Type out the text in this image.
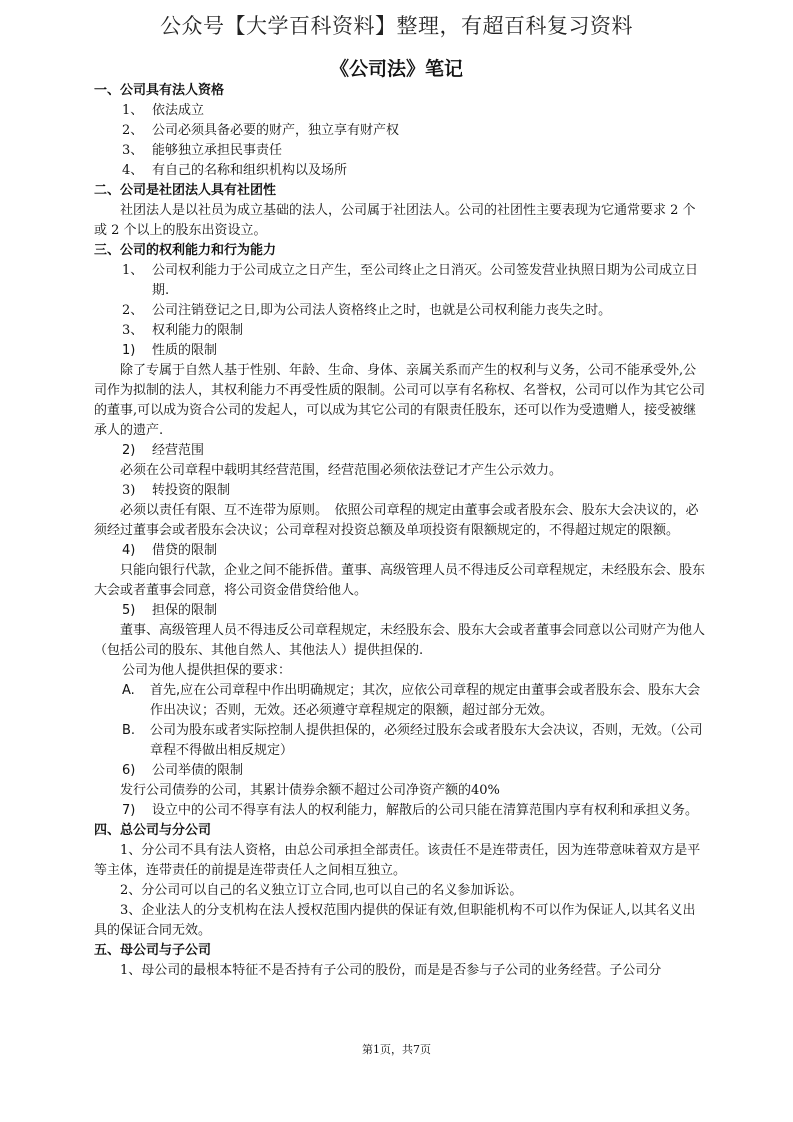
公众号【大学百科资料】整理，有超百科复习资料
《公司法》笔记
一、公司具有法人资格
1、 依法成立
2、 公司必须具备必要的财产，独立享有财产权
3、 能够独立承担民事责任
4、 有自己的名称和组织机构以及场所
二、公司是社团法人具有社团性

社团法人是以社员为成立基础的法人，公司属于社团法人。公司的社团性主要表现为它通常要求 2 个或 2 个以上的股东出资设立。

三、公司的权利能力和行为能力
1、 公司权利能力于公司成立之日产生，至公司终止之日消灭。公司签发营业执照日期为公司成立日期.
2、 公司注销登记之日,即为公司法人资格终止之时，也就是公司权利能力丧失之时。
3、 权利能力的限制
1)	性质的限制

除了专属于自然人基于性别、年龄、生命、身体、亲属关系而产生的权利与义务，公司不能承受外,公司作为拟制的法人，其权利能力不再受性质的限制。公司可以享有名称权、名誉权，公司可以作为其它公司的董事,可以成为资合公司的发起人，可以成为其它公司的有限责任股东，还可以作为受遗赠人，接受被继承人的遗产.

2)	经营范围

必须在公司章程中载明其经营范围，经营范围必须依法登记才产生公示效力。

3)	转投资的限制

必须以责任有限、互不连带为原则。　依照公司章程的规定由董事会或者股东会、股东大会决议的，必须经过董事会或者股东会决议；公司章程对投资总额及单项投资有限额规定的，不得超过规定的限额。

4)	借贷的限制

只能向银行代款，企业之间不能拆借。董事、高级管理人员不得违反公司章程规定，未经股东会、股东大会或者董事会同意，将公司资金借贷给他人。

5)	担保的限制

董事、高级管理人员不得违反公司章程规定，未经股东会、股东大会或者董事会同意以公司财产为他人（包括公司的股东、其他自然人、其他法人）提供担保的.

公司为他人提供担保的要求：
A.	首先,应在公司章程中作出明确规定；其次，应依公司章程的规定由董事会或者股东会、股东大会作出决议；否则，无效。还必须遵守章程规定的限额，超过部分无效。
B.	公司为股东或者实际控制人提供担保的，必须经过股东会或者股东大会决议，否则，无效。（公司章程不得做出相反规定）
6)	公司举债的限制

发行公司债券的公司，其累计债券余额不超过公司净资产额的40%

7)	设立中的公司不得享有法人的权利能力，解散后的公司只能在清算范围内享有权利和承担义务。
四、总公司与分公司

1、分公司不具有法人资格，由总公司承担全部责任。该责任不是连带责任，因为连带意味着双方是平等主体，连带责任的前提是连带责任人之间相互独立。

2、分公司可以自己的名义独立订立合同,也可以自己的名义参加诉讼。

3、企业法人的分支机构在法人授权范围内提供的保证有效,但职能机构不可以作为保证人,以其名义出具的保证合同无效。

五、母公司与子公司

1、母公司的最根本特征不是否持有子公司的股份，而是是否参与子公司的业务经营。子公司分

第1页，共7页
